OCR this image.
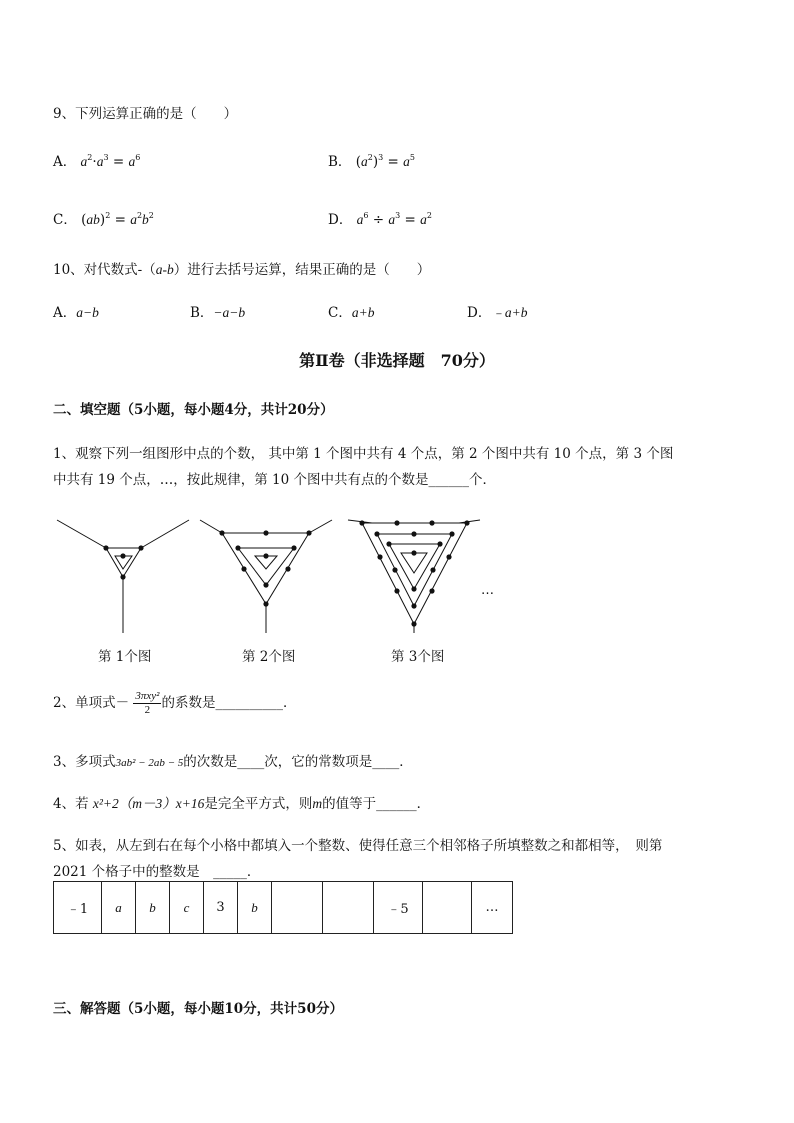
9、下列运算正确的是（　　）
A． $a^2\cdot a^3 = a^6$	B． $(a^2)^3 = a^5$
C． $(ab)^2 = a^2b^2$	D． $a^6 \div a^3 = a^2$
10、对代数式-（a-b）进行去括号运算，结果正确的是（　　）
A．a−b	B．−a−b	C．a+b	D．﹣a+b
第Ⅱ卷（非选择题　70分）
二、填空题（5小题，每小题4分，共计20分）
1、观察下列一组图形中点的个数， 其中第 1 个图中共有 4 个点，第 2 个图中共有 10 个点，第 3 个图
中共有 19 个点，…，按此规律，第 10 个图中共有点的个数是______个．
…
第 1个图	第 2个图	第 3个图
2、单项式－ $\frac{\text{3πxy²}}{2}$ 的系数是__________．
3、多项式3ab² − 2ab − 5的次数是____次，它的常数项是____．
4、若 x²+2（m－3）x+16是完全平方式，则m的值等于______．
5、如表，从左到右在每个小格中都填入一个整数、使得任意三个相邻格子所填整数之和都相等，　则第
2021 个格子中的整数是　_____．
﹣1	a	b	c	3	b			﹣5		…
三、解答题（5小题，每小题10分，共计50分）
